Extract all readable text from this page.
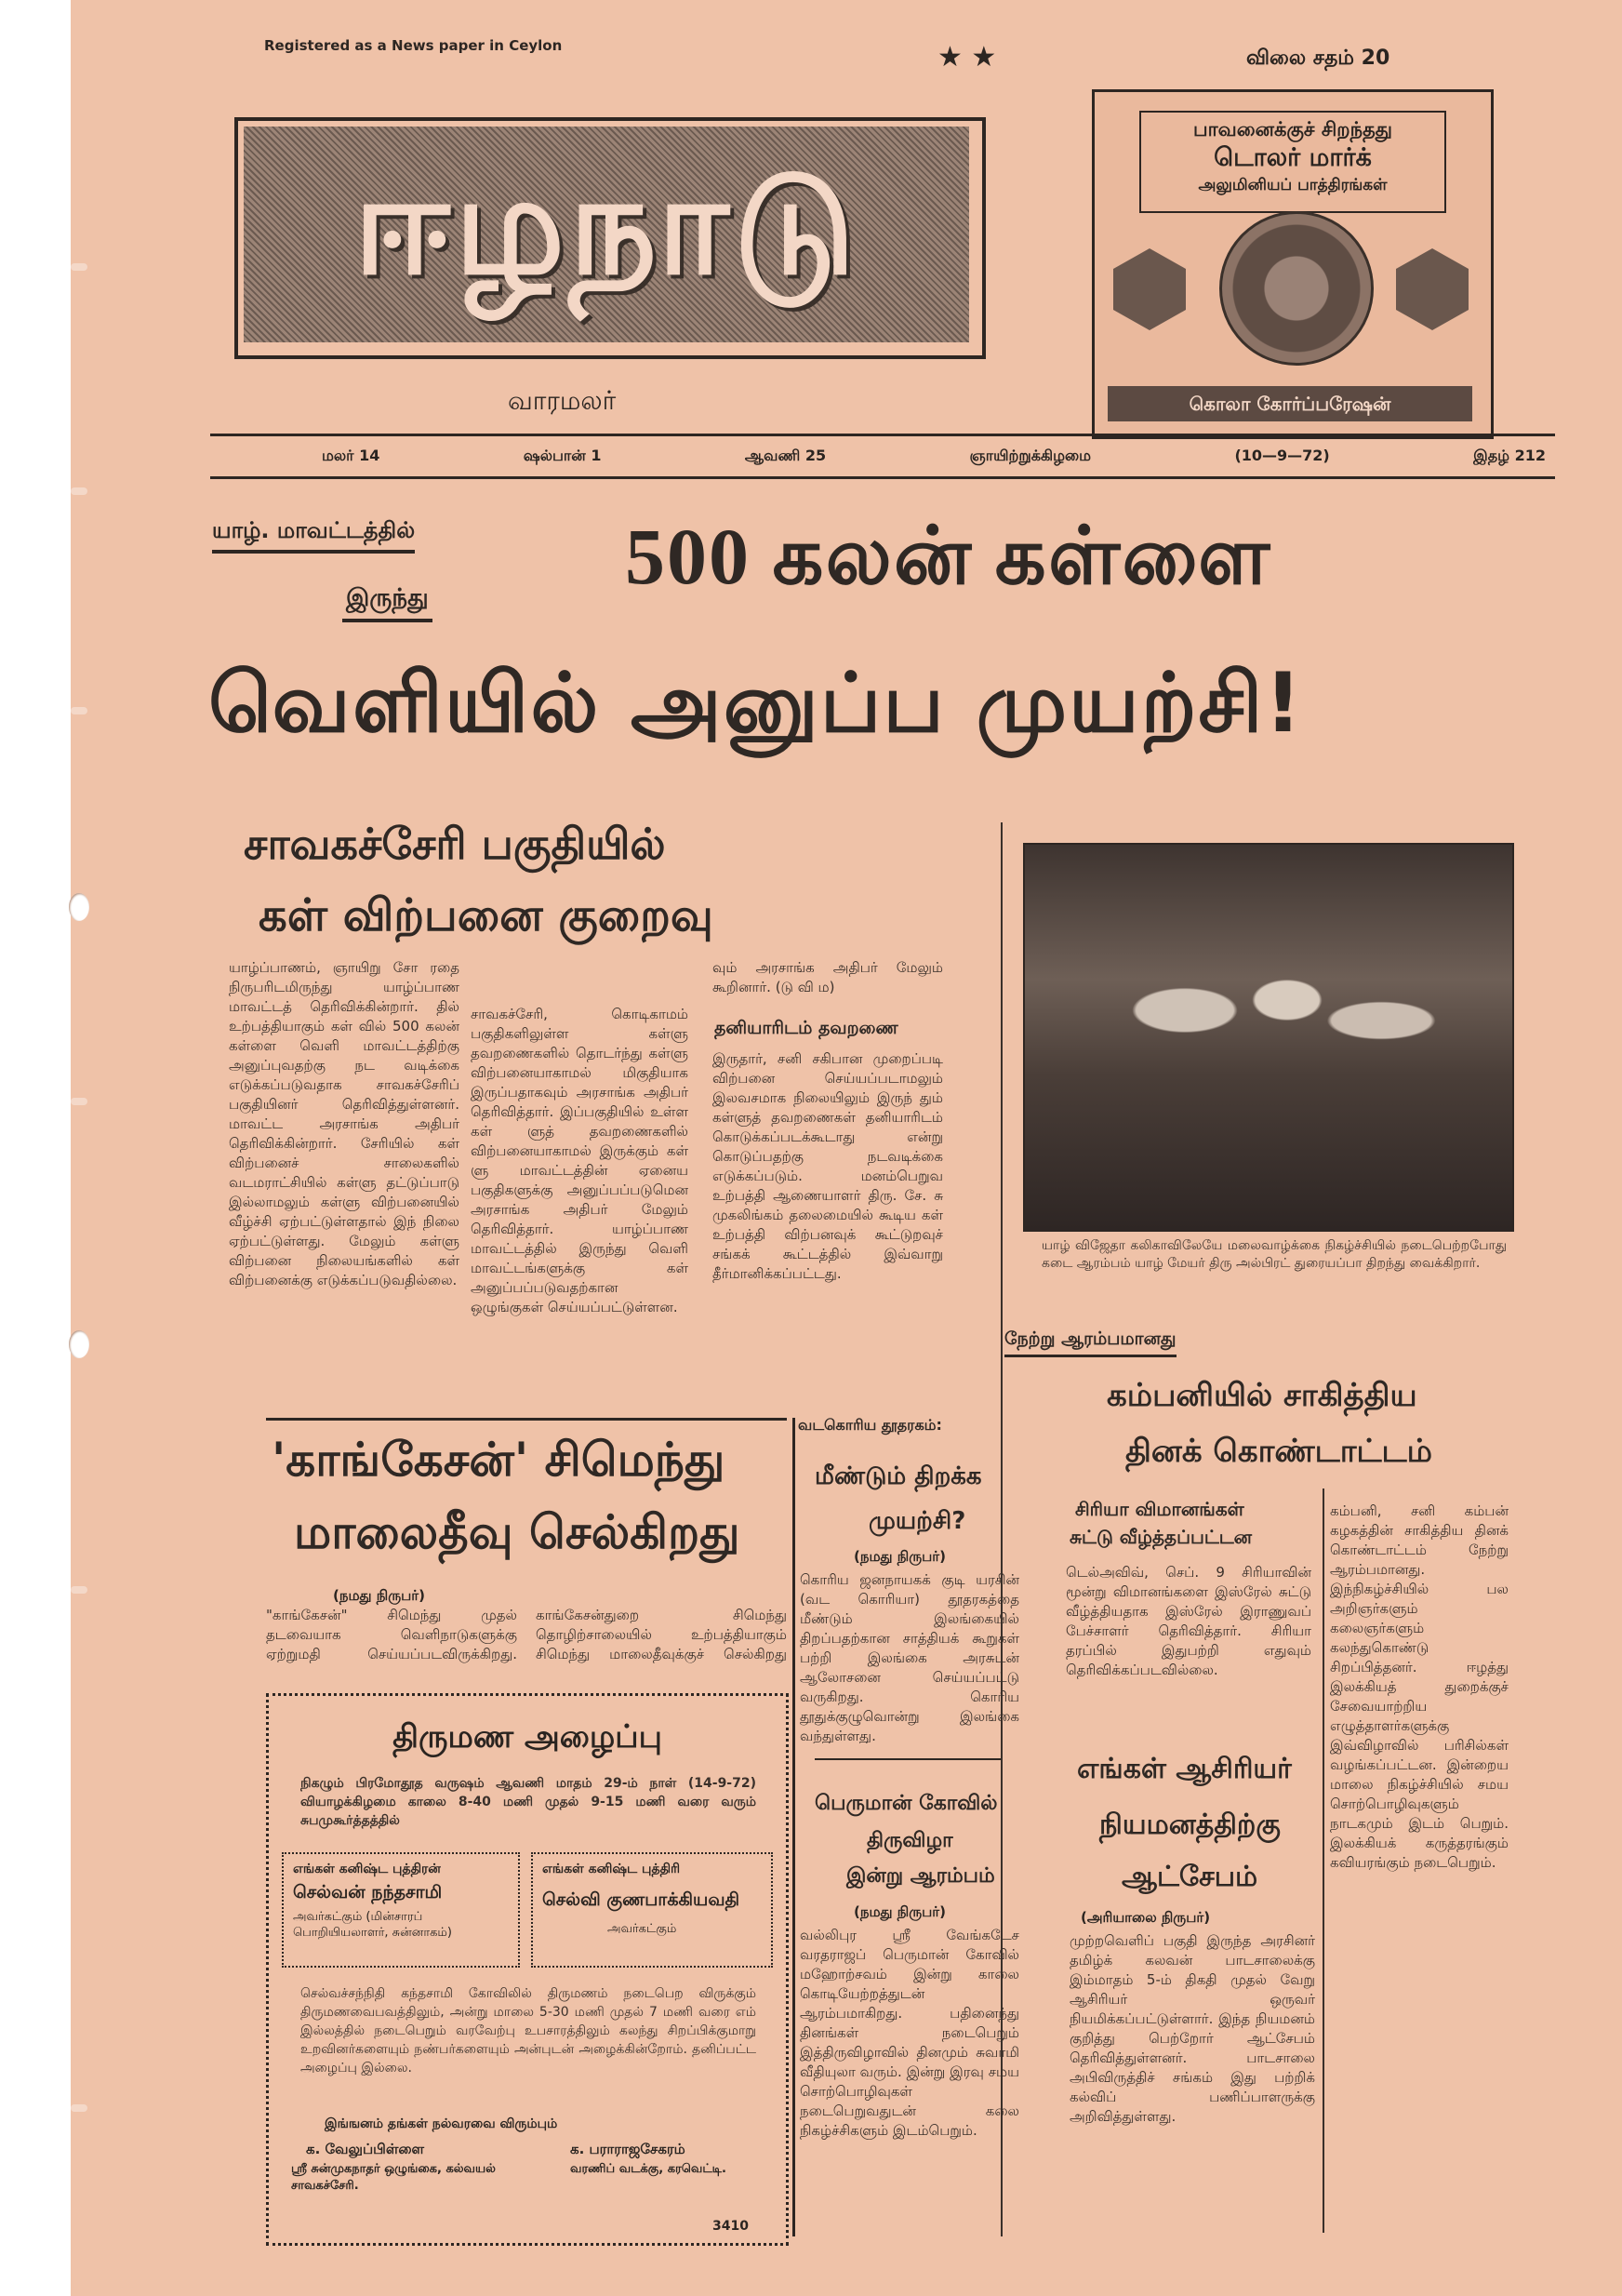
Registered as a News paper in Ceylon	★ ★	விலை சதம் 20
ஈழநாடு
வாரமலர்
பாவனைக்குச் சிறந்தது
டொலர் மார்க்
அலுமினியப் பாத்திரங்கள்
கொலா கோர்ப்பரேஷன்
மலர் 14	ஷல்பான் 1	ஆவணி 25	ஞாயிற்றுக்கிழமை	(10—9—72)	இதழ் 212
யாழ். மாவட்டத்தில்
இருந்து 500 கலன் கள்ளை
வெளியில் அனுப்ப முயற்சி!
சாவகச்சேரி பகுதியில்
கள் விற்பனை குறைவு
யாழ்ப்பாணம், ஞாயிறு சோ ரதை நிருபரிடமிருந்து யாழ்ப்பாண மாவட்டத் தெரிவிக்கின்றார். தில் உற்பத்தியாகும் கள் வில் 500 கலன் கள்ளை வெளி மாவட்டத்திற்கு அனுப்புவதற்கு நட வடிக்கை எடுக்கப்படுவதாக சாவகச்சேரிப் பகுதியினர் தெரிவித்துள்ளனர். மாவட்ட அரசாங்க அதிபர் தெரிவிக்கின்றார். சேரியில் கள் விற்பனைச் சாலைகளில் வடமராட்சியில் கள்ளு தட்டுப்பாடு இல்லாமலும் கள்ளு விற்பனையில் வீழ்ச்சி ஏற்பட்டுள்ளதால் இந் நிலை ஏற்பட்டுள்ளது. மேலும் கள்ளு விற்பனை நிலையங்களில் கள் விற்பனைக்கு எடுக்கப்படுவதில்லை.
சாவகச்சேரி, கொடிகாமம் பகுதிகளிலுள்ள கள்ளு தவறணைகளில் தொடர்ந்து கள்ளு விற்பனையாகாமல் மிகுதியாக இருப்பதாகவும் அரசாங்க அதிபர் தெரிவித்தார். இப்பகுதியில் உள்ள கள் ளுத் தவறணைகளில் விற்பனையாகாமல் இருக்கும் கள் ளு மாவட்டத்தின் ஏனைய பகுதிகளுக்கு அனுப்பப்படுமென அரசாங்க அதிபர் மேலும் தெரிவித்தார். யாழ்ப்பாண மாவட்டத்தில் இருந்து வெளி மாவட்டங்களுக்கு கள் அனுப்பப்படுவதற்கான ஒழுங்குகள் செய்யப்பட்டுள்ளன.
வும் அரசாங்க அதிபர் மேலும் கூறினார். (டு வி ம)
தனியாரிடம் தவறணை
இருதார், சனி சகிபான முறைப்படி விற்பனை செய்யப்படாமலும் இலவசமாக நிலையிலும் இருந் தும் கள்ளுத் தவறணைகள் தனியாரிடம் கொடுக்கப்படக்கூடாது என்று கொடுப்பதற்கு நடவடிக்கை எடுக்கப்படும். மனம்பெறுவ உற்பத்தி ஆணையாளர் திரு. சே. சு முகலிங்கம் தலைமையில் கூடிய கள் உற்பத்தி விற்பனவுக் கூட்டுறவுச் சங்கக் கூட்டத்தில் இவ்வாறு தீர்மானிக்கப்பட்டது.
யாழ் விஜேதா கலிகாவிலேயே மலைவாழ்க்கை நிகழ்ச்சியில் நடைபெற்றபோது கடை ஆரம்பம் யாழ் மேயர் திரு அல்பிரட் துரையப்பா திறந்து வைக்கிறார்.
நேற்று ஆரம்பமானது
கம்பனியில் சாகித்திய
தினக் கொண்டாட்டம்
கம்பனி, சனி கம்பன் கழகத்தின் சாகித்திய தினக் கொண்டாட்டம் நேற்று ஆரம்பமானது. இந்நிகழ்ச்சியில் பல அறிஞர்களும் கலைஞர்களும் கலந்துகொண்டு சிறப்பித்தனர். ஈழத்து இலக்கியத் துறைக்குச் சேவையாற்றிய எழுத்தாளர்களுக்கு இவ்விழாவில் பரிசில்கள் வழங்கப்பட்டன. இன்றைய மாலை நிகழ்ச்சியில் சமய சொற்பொழிவுகளும் நாடகமும் இடம் பெறும். இலக்கியக் கருத்தரங்கும் கவியரங்கும் நடைபெறும்.
சிரியா விமானங்கள்
சுட்டு வீழ்த்தப்பட்டன
டெல்அவிவ், செப். 9 சிரியாவின் மூன்று விமானங்களை இஸ்ரேல் சுட்டு வீழ்த்தியதாக இஸ்ரேல் இராணுவப் பேச்சாளர் தெரிவித்தார். சிரியா தரப்பில் இதுபற்றி எதுவும் தெரிவிக்கப்படவில்லை.
எங்கள் ஆசிரியர்
நியமனத்திற்கு
ஆட்சேபம்
(அரியாலை நிருபர்)
முற்றவெளிப் பகுதி இருந்த அரசினர் தமிழ்க் கலவன் பாடசாலைக்கு இம்மாதம் 5-ம் திகதி முதல் வேறு ஆசிரியர் ஒருவர் நியமிக்கப்பட்டுள்ளார். இந்த நியமனம் குறித்து பெற்றோர் ஆட்சேபம் தெரிவித்துள்ளனர். பாடசாலை அபிவிருத்திச் சங்கம் இது பற்றிக் கல்விப் பணிப்பாளருக்கு அறிவித்துள்ளது.
'காங்கேசன்' சிமெந்து
மாலைதீவு செல்கிறது
(நமது நிருபர்)
"காங்கேசன்" சிமெந்து முதல் தடவையாக வெளிநாடுகளுக்கு ஏற்றுமதி செய்யப்படவிருக்கிறது. காங்கேசன்துறை சிமெந்து தொழிற்சாலையில் உற்பத்தியாகும் சிமெந்து மாலைதீவுக்குச் செல்கிறது
வடகொரிய தூதரகம்:
மீண்டும் திறக்க
முயற்சி?
(நமது நிருபர்)
கொரிய ஜனநாயகக் குடி யரசின் (வட கொரியா) தூதரகத்தை மீண்டும் இலங்கையில் திறப்பதற்கான சாத்தியக் கூறுகள் பற்றி இலங்கை அரசுடன் ஆலோசனை செய்யப்பட்டு வருகிறது. கொரிய தூதுக்குழுவொன்று இலங்கை வந்துள்ளது.
பெருமான் கோவில்
திருவிழா
இன்று ஆரம்பம்
(நமது நிருபர்)
வல்லிபுர ஸ்ரீ வேங்கடேச வரதராஜப் பெருமான் கோவில் மஹோற்சவம் இன்று காலை கொடியேற்றத்துடன் ஆரம்பமாகிறது. பதினைந்து தினங்கள் நடைபெறும் இத்திருவிழாவில் தினமும் சுவாமி வீதியுலா வரும். இன்று இரவு சமய சொற்பொழிவுகள் நடைபெறுவதுடன் கலை நிகழ்ச்சிகளும் இடம்பெறும்.
திருமண அழைப்பு
நிகழும் பிரமோதூத வருஷம் ஆவணி மாதம் 29-ம் நாள் (14-9-72) வியாழக்கிழமை காலை 8-40 மணி முதல் 9-15 மணி வரை வரும் சுபமுகூர்த்தத்தில்
எங்கள் கனிஷ்ட புத்திரன்
செல்வன் நந்தசாமி
அவர்கட்கும் (மின்சாரப் பொறியியலாளர், சுன்னாகம்)
எங்கள் கனிஷ்ட புத்திரி
செல்வி குணபாக்கியவதி
அவர்கட்கும்
செல்வச்சந்நிதி கந்தசாமி கோவிலில் திருமணம் நடைபெற விருக்கும் திருமணவைபவத்திலும், அன்று மாலை 5-30 மணி முதல் 7 மணி வரை எம் இல்லத்தில் நடைபெறும் வரவேற்பு உபசாரத்திலும் கலந்து சிறப்பிக்குமாறு உறவினர்களையும் நண்பர்களையும் அன்புடன் அழைக்கின்றோம். தனிப்பட்ட அழைப்பு இல்லை.
இங்ஙனம் தங்கள் நல்வரவை விரும்பும்
க. வேலுப்பிள்ளை
ஸ்ரீ சுன்முகநாதர் ஒழுங்கை, கல்வயல் சாவகச்சேரி.
க. பராராஜசேகரம்
வரணிப் வடக்கு, கரவெட்டி.
3410
